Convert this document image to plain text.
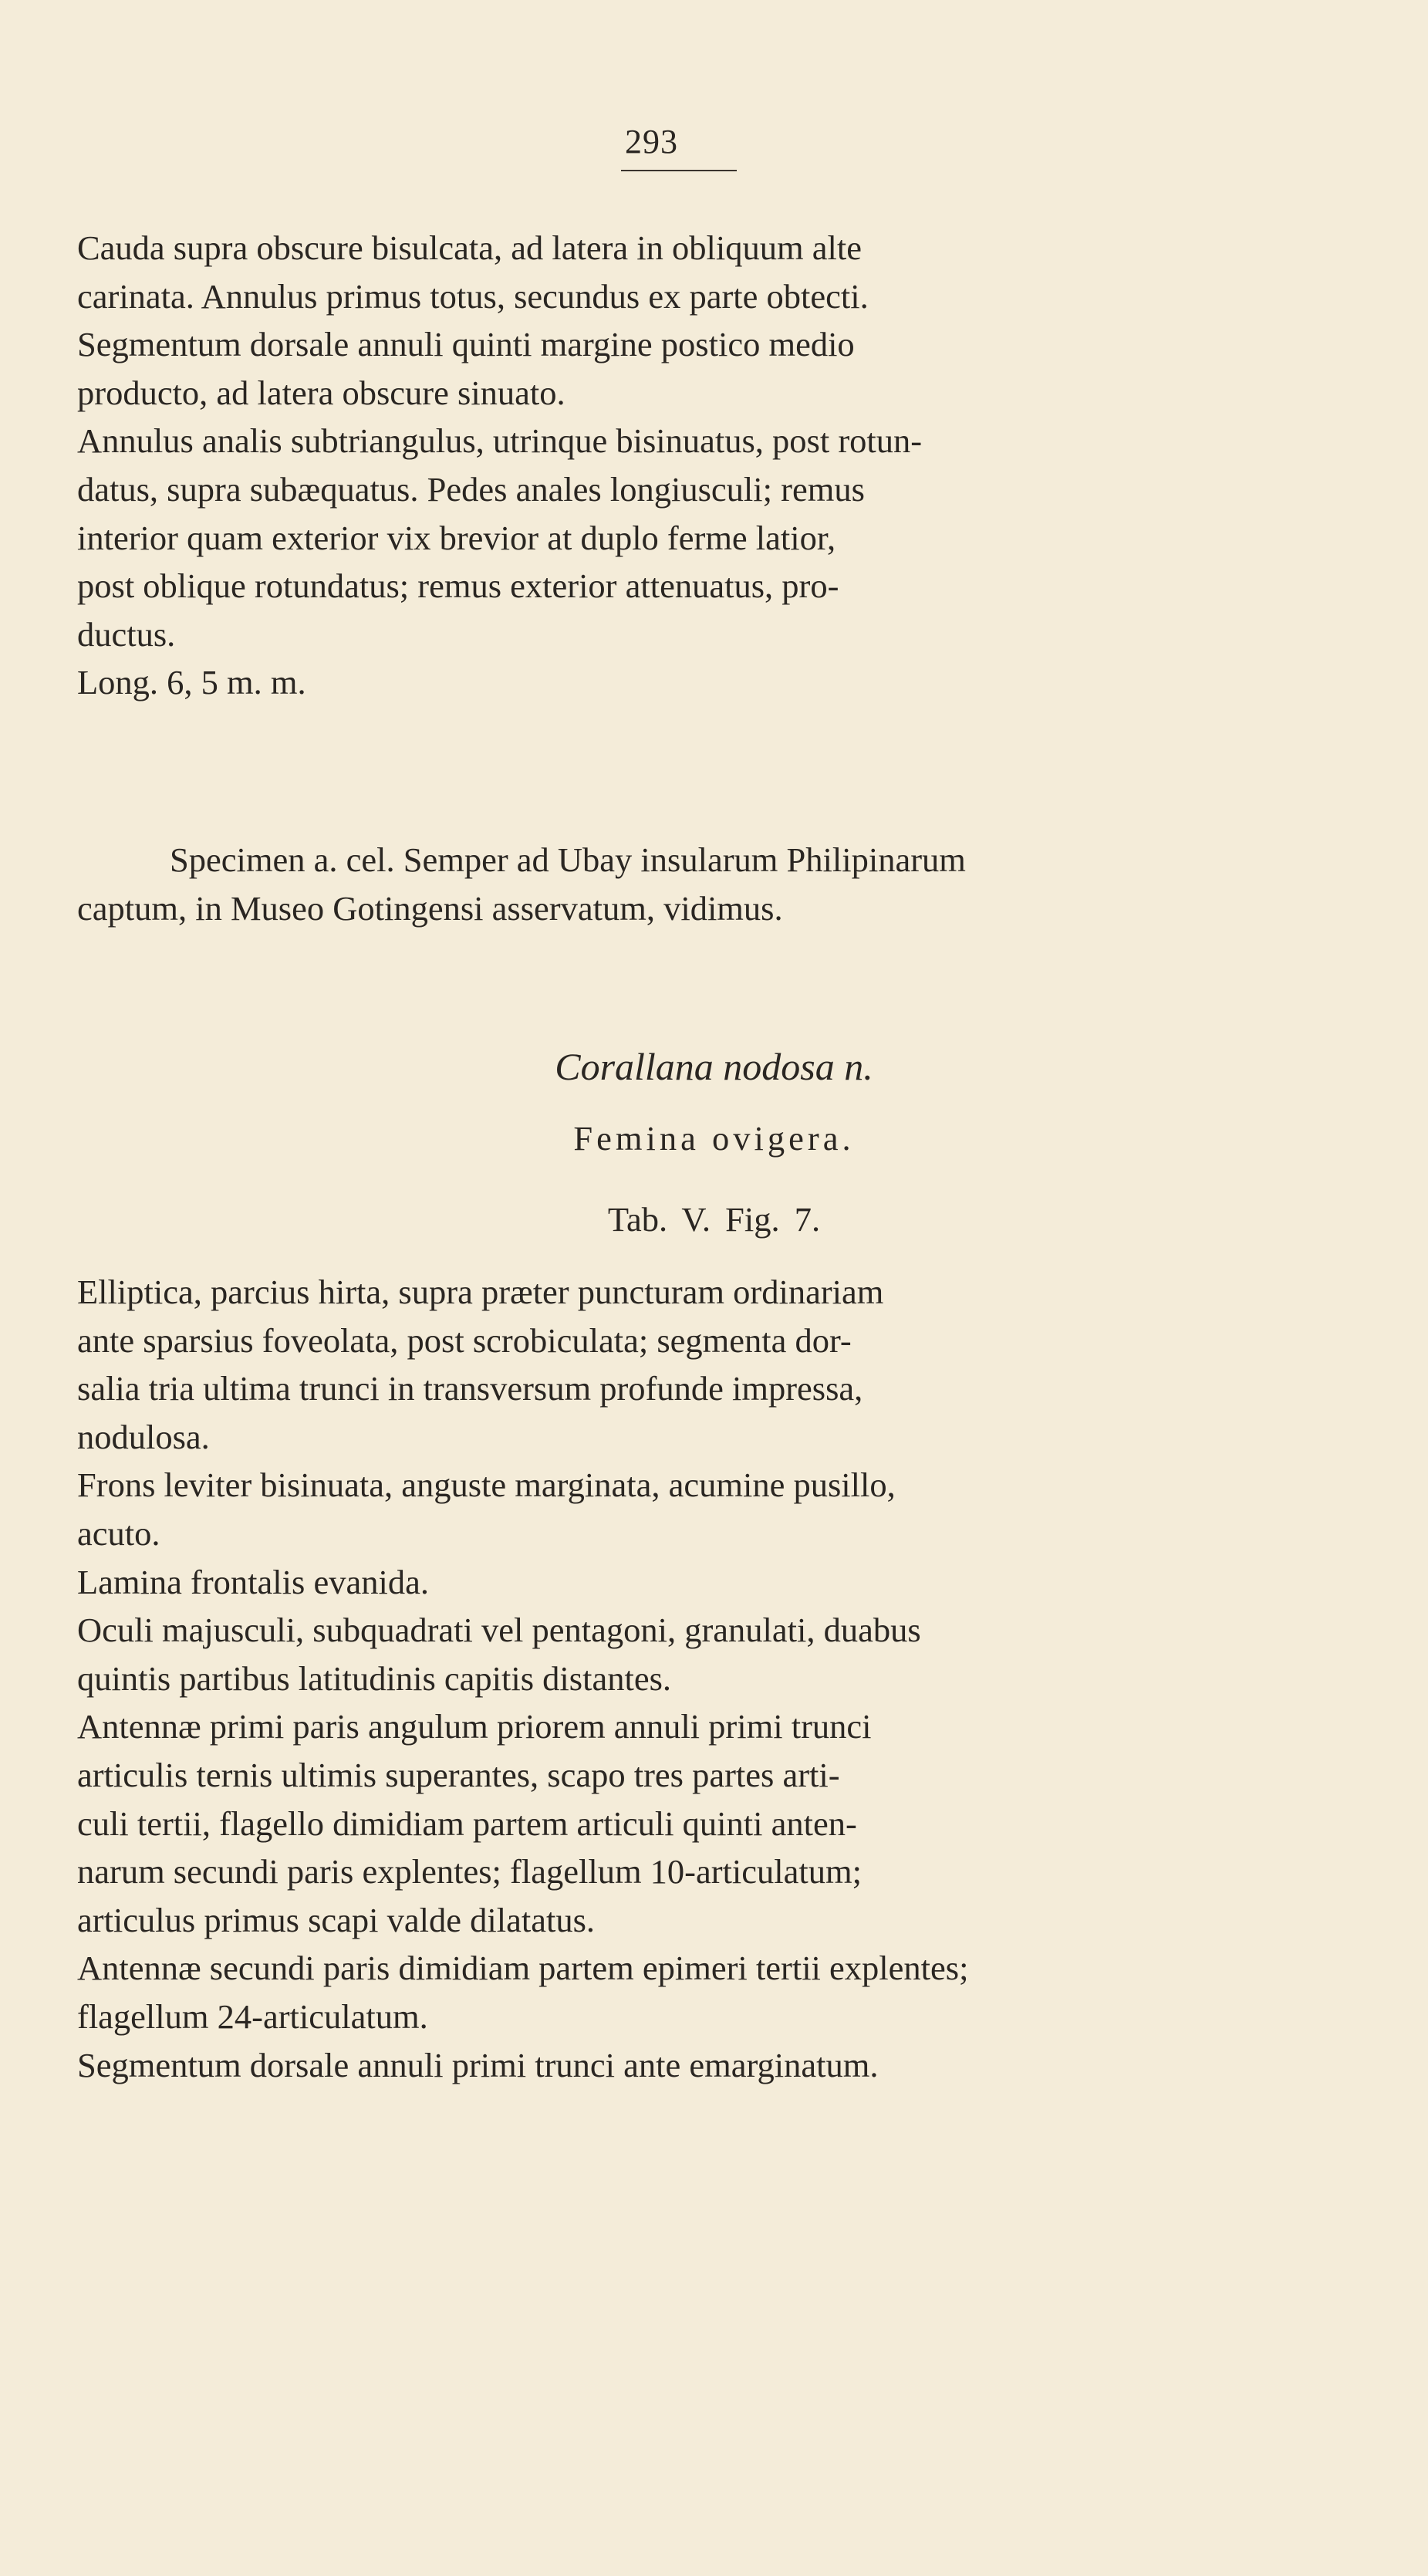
293

Cauda supra obscure bisulcata, ad latera in obliquum alte
carinata. Annulus primus totus, secundus ex parte obtecti.
Segmentum dorsale annuli quinti margine postico medio
producto, ad latera obscure sinuato.

Annulus analis subtriangulus, utrinque bisinuatus, post rotun-
datus, supra subæquatus. Pedes anales longiusculi; remus
interior quam exterior vix brevior at duplo ferme latior,
post oblique rotundatus; remus exterior attenuatus, pro-
ductus.

Long. 6, 5 m. m.

Specimen a. cel. Semper ad Ubay insularum Philipinarum
captum, in Museo Gotingensi asservatum, vidimus.
Corallana nodosa n.
Femina ovigera.
Tab. V. Fig. 7.

Elliptica, parcius hirta, supra præter puncturam ordinariam
ante sparsius foveolata, post scrobiculata; segmenta dor-
salia tria ultima trunci in transversum profunde impressa,
nodulosa.

Frons leviter bisinuata, anguste marginata, acumine pusillo,
acuto.

Lamina frontalis evanida.

Oculi majusculi, subquadrati vel pentagoni, granulati, duabus
quintis partibus latitudinis capitis distantes.

Antennæ primi paris angulum priorem annuli primi trunci
articulis ternis ultimis superantes, scapo tres partes arti-
culi tertii, flagello dimidiam partem articuli quinti anten-
narum secundi paris explentes; flagellum 10-articulatum;
articulus primus scapi valde dilatatus.

Antennæ secundi paris dimidiam partem epimeri tertii explentes;
flagellum 24-articulatum.

Segmentum dorsale annuli primi trunci ante emarginatum.
